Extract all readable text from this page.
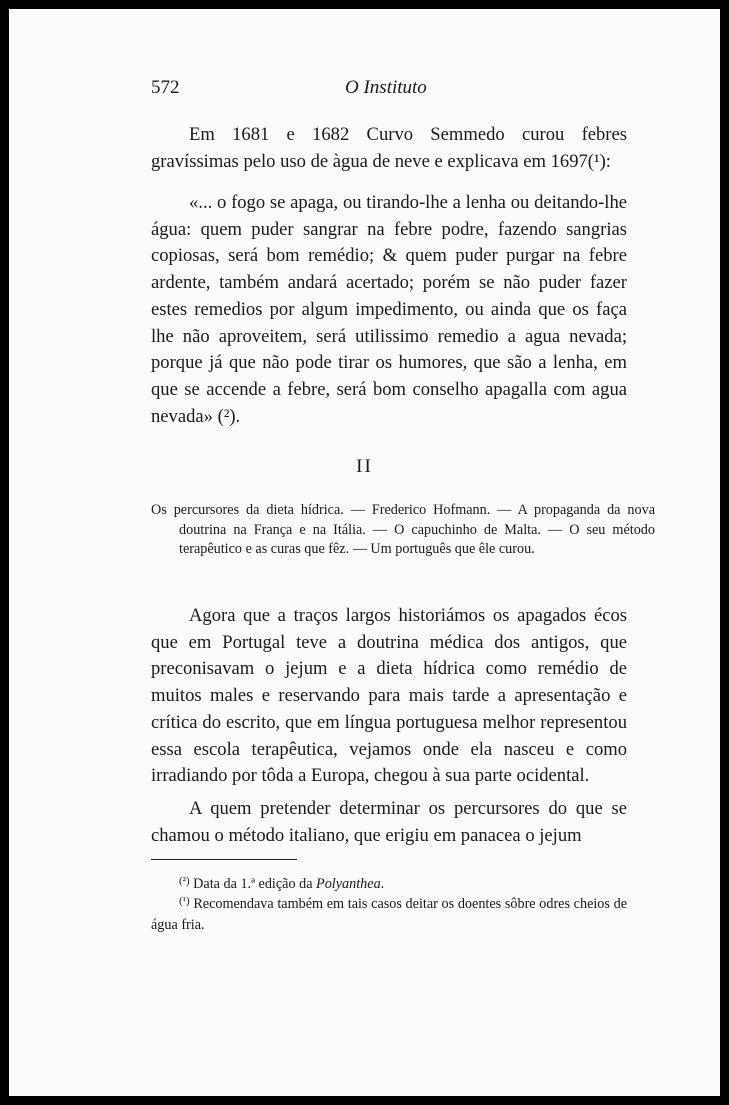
572	O Instituto

Em 1681 e 1682 Curvo Semmedo curou febres gravíssimas pelo uso de àgua de neve e explicava em 1697(¹):

«... o fogo se apaga, ou tirando-lhe a lenha ou deitando-lhe água: quem puder sangrar na febre podre, fazendo sangrias copiosas, será bom remédio; & quem puder purgar na febre ardente, também andará acertado; porém se não puder fazer estes remedios por algum impedimento, ou ainda que os faça lhe não aproveitem, será utilissimo remedio a agua nevada; porque já que não pode tirar os humores, que são a lenha, em que se accende a febre, será bom conselho apagalla com agua nevada» (²).

II

Os percursores da dieta hídrica. — Frederico Hofmann. — A propaganda da nova doutrina na França e na Itália. — O capuchinho de Malta. — O seu método terapêutico e as curas que fêz. — Um português que êle curou.

Agora que a traços largos historiámos os apagados écos que em Portugal teve a doutrina médica dos antigos, que preconisavam o jejum e a dieta hídrica como remédio de muitos males e reservando para mais tarde a apresentação e crítica do escrito, que em língua portuguesa melhor representou essa escola terapêutica, vejamos onde ela nasceu e como irradiando por tôda a Europa, chegou à sua parte ocidental.

A quem pretender determinar os percursores do que se chamou o método italiano, que erigiu em panacea o jejum

$^{(^2)}$ Data da 1.ª edição da Polyanthea.

$^{(^1)}$ Recomendava também em tais casos deitar os doentes sôbre odres cheios de água fria.
